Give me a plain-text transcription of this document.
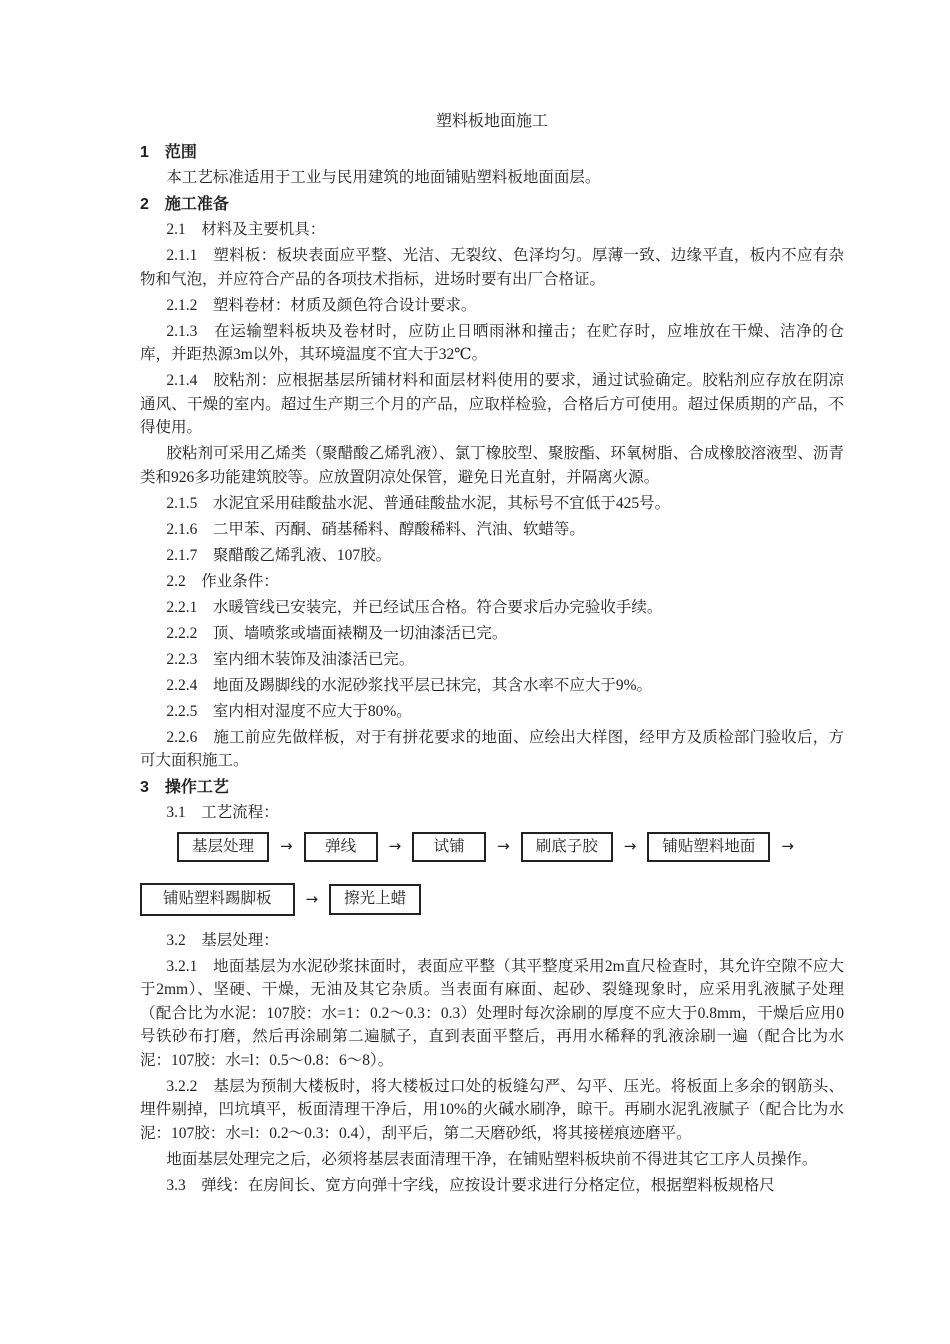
塑料板地面施工
1　范围
本工艺标准适用于工业与民用建筑的地面铺贴塑料板地面面层。
2　施工准备
2.1　材料及主要机具：
2.1.1　塑料板：板块表面应平整、光洁、无裂纹、色泽均匀。厚薄一致、边缘平直，板内不应有杂物和气泡，并应符合产品的各项技术指标，进场时要有出厂合格证。
2.1.2　塑料卷材：材质及颜色符合设计要求。
2.1.3　在运输塑料板块及卷材时，应防止日晒雨淋和撞击；在贮存时，应堆放在干燥、洁净的仓库，并距热源3m以外，其环境温度不宜大于32℃。
2.1.4　胶粘剂：应根据基层所铺材料和面层材料使用的要求，通过试验确定。胶粘剂应存放在阴凉通风、干燥的室内。超过生产期三个月的产品，应取样检验，合格后方可使用。超过保质期的产品，不得使用。
胶粘剂可采用乙烯类（聚醋酸乙烯乳液）、氯丁橡胶型、聚胺酯、环氧树脂、合成橡胶溶液型、沥青类和926多功能建筑胶等。应放置阴凉处保管，避免日光直射，并隔离火源。
2.1.5　水泥宜采用硅酸盐水泥、普通硅酸盐水泥，其标号不宜低于425号。
2.1.6　二甲苯、丙酮、硝基稀料、醇酸稀料、汽油、软蜡等。
2.1.7　聚醋酸乙烯乳液、107胶。
2.2　作业条件：
2.2.1　水暖管线已安装完，并已经试压合格。符合要求后办完验收手续。
2.2.2　顶、墙喷浆或墙面裱糊及一切油漆活已完。
2.2.3　室内细木装饰及油漆活已完。
2.2.4　地面及踢脚线的水泥砂浆找平层已抹完，其含水率不应大于9%。
2.2.5　室内相对湿度不应大于80%。
2.2.6　施工前应先做样板，对于有拼花要求的地面、应绘出大样图，经甲方及质检部门验收后，方可大面积施工。
3　操作工艺
3.1　工艺流程：
基层处理	→	弹线	→	试铺	→	刷底子胶	→	铺贴塑料地面	→
铺贴塑料踢脚板	→	擦光上蜡
3.2　基层处理：
3.2.1　地面基层为水泥砂浆抹面时，表面应平整（其平整度采用2m直尺检查时，其允许空隙不应大于2mm）、坚硬、干燥，无油及其它杂质。当表面有麻面、起砂、裂缝现象时，应采用乳液腻子处理（配合比为水泥：107胶：水=1：0.2～0.3：0.3）处理时每次涂刷的厚度不应大于0.8mm，干燥后应用0号铁砂布打磨，然后再涂刷第二遍腻子，直到表面平整后，再用水稀释的乳液涂刷一遍（配合比为水泥：107胶：水=l：0.5～0.8：6～8）。
3.2.2　基层为预制大楼板时，将大楼板过口处的板缝勾严、勾平、压光。将板面上多余的钢筋头、埋件剔掉，凹坑填平，板面清理干净后，用10%的火碱水刷净，晾干。再刷水泥乳液腻子（配合比为水泥：107胶：水=l：0.2～0.3：0.4），刮平后，第二天磨砂纸，将其接槎痕迹磨平。
地面基层处理完之后，必须将基层表面清理干净，在铺贴塑料板块前不得进其它工序人员操作。
3.3　弹线：在房间长、宽方向弹十字线，应按设计要求进行分格定位，根据塑料板规格尺
